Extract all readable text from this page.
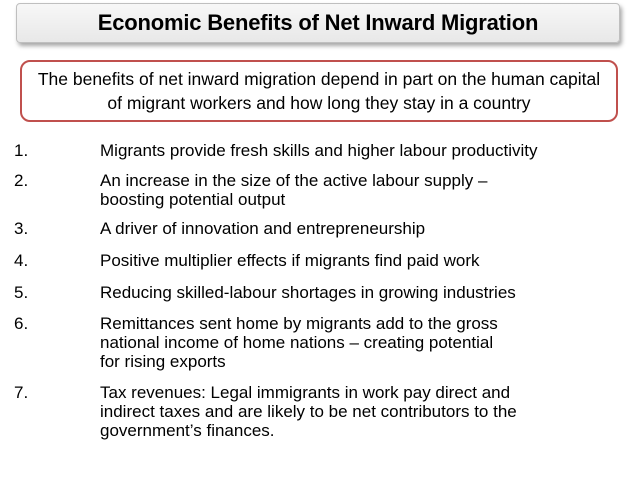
Economic Benefits of Net Inward Migration
The benefits of net inward migration depend in part on the human capital of migrant workers and how long they stay in a country
1.	Migrants provide fresh skills and higher labour productivity
2.	An increase in the size of the active labour supply – boosting potential output
3.	A driver of innovation and entrepreneurship
4.	Positive multiplier effects if migrants find paid work
5.	Reducing skilled-labour shortages in growing industries
6.	Remittances sent home by migrants add to the gross national income of home nations – creating potential for rising exports
7.	Tax revenues: Legal immigrants in work pay direct and indirect taxes and are likely to be net contributors to the government’s finances.
